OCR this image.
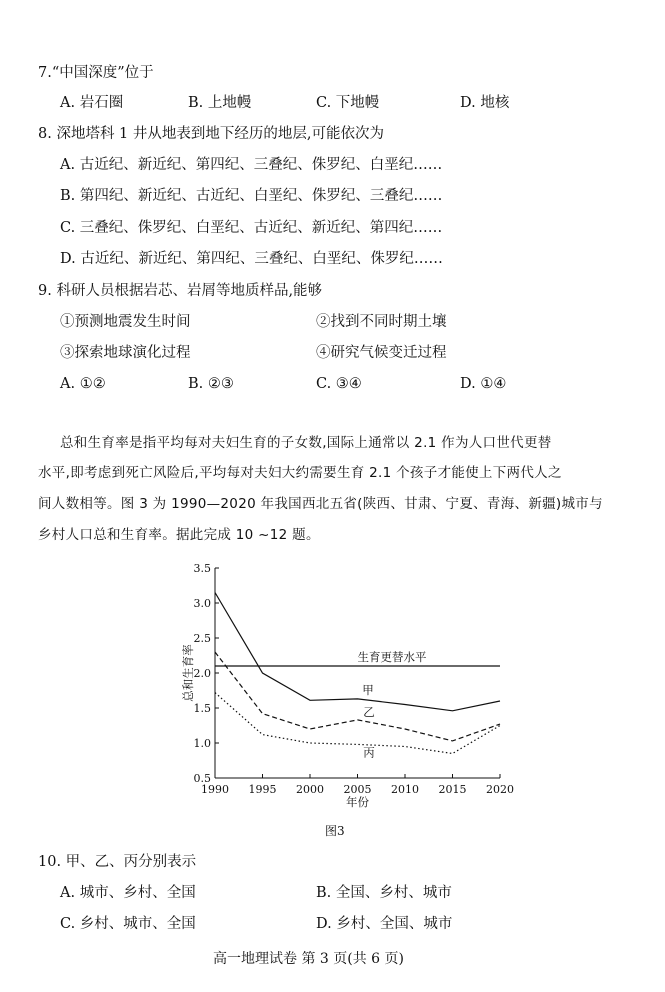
7.“中国深度”位于
A. 岩石圈	B. 上地幔	C. 下地幔	D. 地核
8. 深地塔科 1 井从地表到地下经历的地层,可能依次为
A. 古近纪、新近纪、第四纪、三叠纪、侏罗纪、白垩纪……
B. 第四纪、新近纪、古近纪、白垩纪、侏罗纪、三叠纪……
C. 三叠纪、侏罗纪、白垩纪、古近纪、新近纪、第四纪……
D. 古近纪、新近纪、第四纪、三叠纪、白垩纪、侏罗纪……
9. 科研人员根据岩芯、岩屑等地质样品,能够
①预测地震发生时间	②找到不同时期土壤
③探索地球演化过程	④研究气候变迁过程
A. ①②	B. ②③	C. ③④	D. ①④
总和生育率是指平均每对夫妇生育的子女数,国际上通常以 2.1 作为人口世代更替
水平,即考虑到死亡风险后,平均每对夫妇大约需要生育 2.1 个孩子才能使上下两代人之
间人数相等。图 3 为 1990—2020 年我国西北五省(陕西、甘肃、宁夏、青海、新疆)城市与
乡村人口总和生育率。据此完成 10 ~12 题。
0.5
1.0
1.5
2.0
2.5
3.0
3.5
1990 1995 2000 2005 2010 2015 2020
年份
总和生育率	生育更替水平
甲
乙
丙
图3
10. 甲、乙、丙分别表示
A. 城市、乡村、全国	B. 全国、乡村、城市
C. 乡村、城市、全国	D. 乡村、全国、城市
高一地理试卷 第 3 页(共 6 页)
